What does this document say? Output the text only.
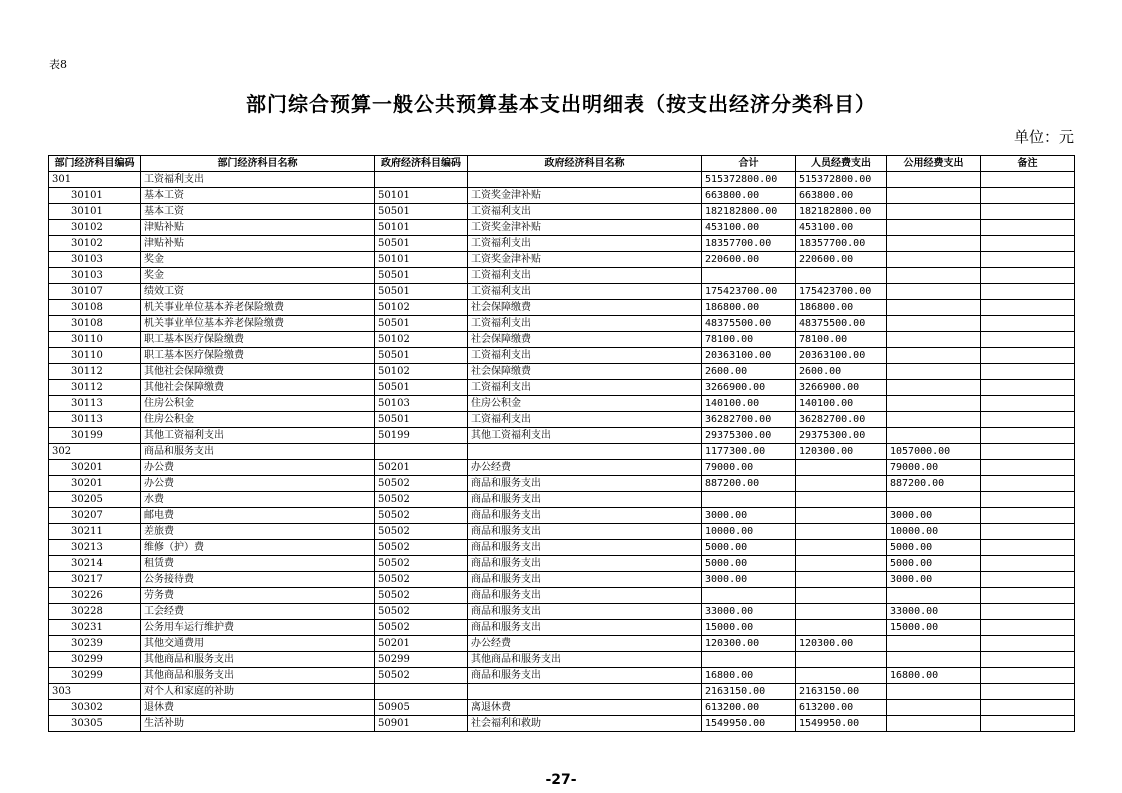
表8
部门综合预算一般公共预算基本支出明细表（按支出经济分类科目）
单位：元
部门经济科目编码	部门经济科目名称	政府经济科目编码	政府经济科目名称	合计	人员经费支出	公用经费支出	备注
301	工资福利支出			515372800.00	515372800.00		
30101	基本工资	50101	工资奖金津补贴	663800.00	663800.00		
30101	基本工资	50501	工资福利支出	182182800.00	182182800.00		
30102	津贴补贴	50101	工资奖金津补贴	453100.00	453100.00		
30102	津贴补贴	50501	工资福利支出	18357700.00	18357700.00		
30103	奖金	50101	工资奖金津补贴	220600.00	220600.00		
30103	奖金	50501	工资福利支出				
30107	绩效工资	50501	工资福利支出	175423700.00	175423700.00		
30108	机关事业单位基本养老保险缴费	50102	社会保障缴费	186800.00	186800.00		
30108	机关事业单位基本养老保险缴费	50501	工资福利支出	48375500.00	48375500.00		
30110	职工基本医疗保险缴费	50102	社会保障缴费	78100.00	78100.00		
30110	职工基本医疗保险缴费	50501	工资福利支出	20363100.00	20363100.00		
30112	其他社会保障缴费	50102	社会保障缴费	2600.00	2600.00		
30112	其他社会保障缴费	50501	工资福利支出	3266900.00	3266900.00		
30113	住房公积金	50103	住房公积金	140100.00	140100.00		
30113	住房公积金	50501	工资福利支出	36282700.00	36282700.00		
30199	其他工资福利支出	50199	其他工资福利支出	29375300.00	29375300.00		
302	商品和服务支出			1177300.00	120300.00	1057000.00	
30201	办公费	50201	办公经费	79000.00		79000.00	
30201	办公费	50502	商品和服务支出	887200.00		887200.00	
30205	水费	50502	商品和服务支出				
30207	邮电费	50502	商品和服务支出	3000.00		3000.00	
30211	差旅费	50502	商品和服务支出	10000.00		10000.00	
30213	维修（护）费	50502	商品和服务支出	5000.00		5000.00	
30214	租赁费	50502	商品和服务支出	5000.00		5000.00	
30217	公务接待费	50502	商品和服务支出	3000.00		3000.00	
30226	劳务费	50502	商品和服务支出				
30228	工会经费	50502	商品和服务支出	33000.00		33000.00	
30231	公务用车运行维护费	50502	商品和服务支出	15000.00		15000.00	
30239	其他交通费用	50201	办公经费	120300.00	120300.00		
30299	其他商品和服务支出	50299	其他商品和服务支出				
30299	其他商品和服务支出	50502	商品和服务支出	16800.00		16800.00	
303	对个人和家庭的补助			2163150.00	2163150.00		
30302	退休费	50905	离退休费	613200.00	613200.00		
30305	生活补助	50901	社会福利和救助	1549950.00	1549950.00		
-27-
